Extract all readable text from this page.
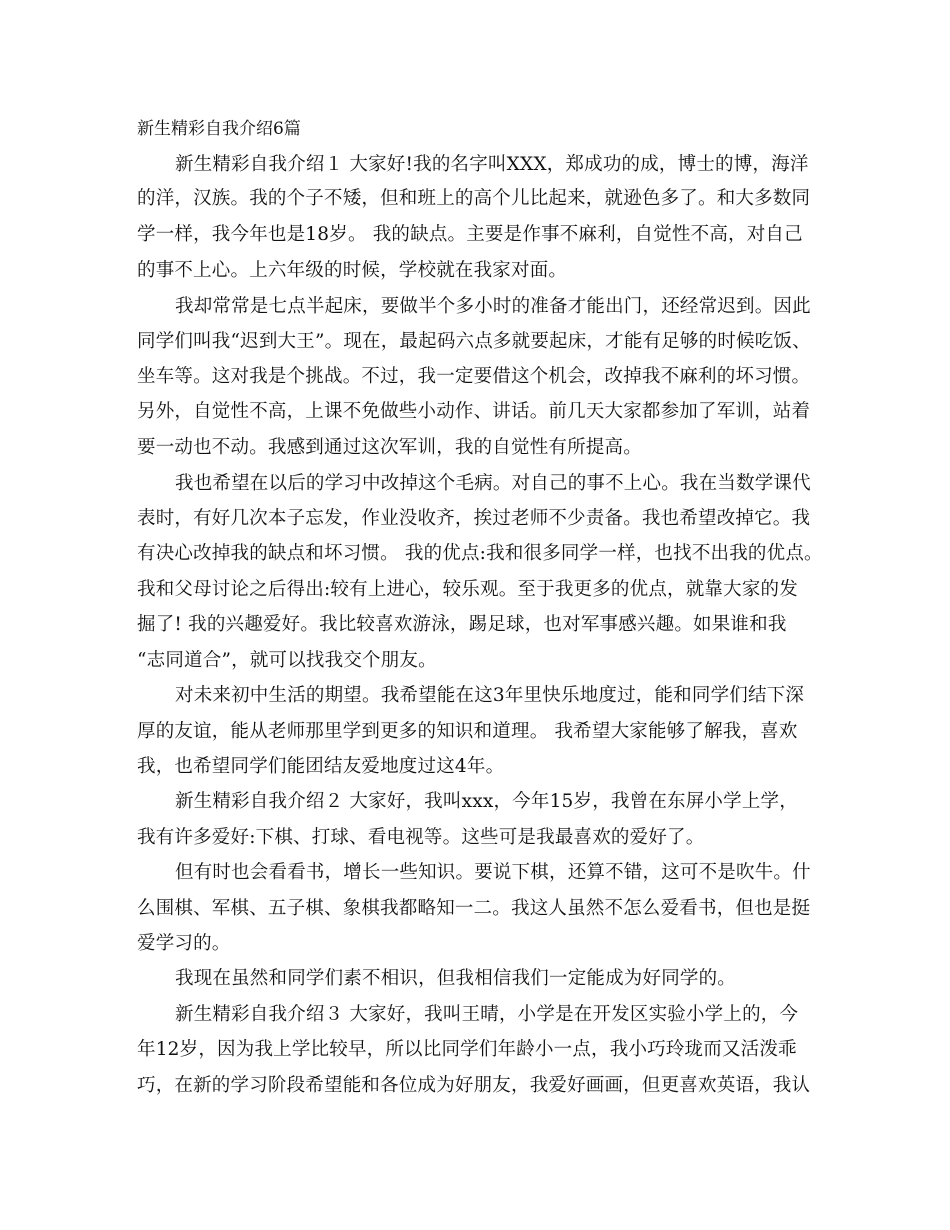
新生精彩自我介绍6篇
新生精彩自我介绍１ 大家好!我的名字叫XXX，郑成功的成，博士的博，海洋
的洋，汉族。我的个子不矮，但和班上的高个儿比起来，就逊色多了。和大多数同
学一样，我今年也是18岁。 我的缺点。主要是作事不麻利，自觉性不高，对自己
的事不上心。上六年级的时候，学校就在我家对面。
我却常常是七点半起床，要做半个多小时的准备才能出门，还经常迟到。因此
同学们叫我“迟到大王”。现在，最起码六点多就要起床，才能有足够的时候吃饭、
坐车等。这对我是个挑战。不过，我一定要借这个机会，改掉我不麻利的坏习惯。
另外，自觉性不高，上课不免做些小动作、讲话。前几天大家都参加了军训，站着
要一动也不动。我感到通过这次军训，我的自觉性有所提高。
我也希望在以后的学习中改掉这个毛病。对自己的事不上心。我在当数学课代
表时，有好几次本子忘发，作业没收齐，挨过老师不少责备。我也希望改掉它。我
有决心改掉我的缺点和坏习惯。 我的优点:我和很多同学一样，也找不出我的优点。
我和父母讨论之后得出:较有上进心，较乐观。至于我更多的优点，就靠大家的发
掘了! 我的兴趣爱好。我比较喜欢游泳，踢足球，也对军事感兴趣。如果谁和我
“志同道合”，就可以找我交个朋友。
对未来初中生活的期望。我希望能在这3年里快乐地度过，能和同学们结下深
厚的友谊，能从老师那里学到更多的知识和道理。 我希望大家能够了解我，喜欢
我，也希望同学们能团结友爱地度过这4年。
新生精彩自我介绍２ 大家好，我叫xxx，今年15岁，我曾在东屏小学上学，
我有许多爱好:下棋、打球、看电视等。这些可是我最喜欢的爱好了。
但有时也会看看书，增长一些知识。要说下棋，还算不错，这可不是吹牛。什
么围棋、军棋、五子棋、象棋我都略知一二。我这人虽然不怎么爱看书，但也是挺
爱学习的。
我现在虽然和同学们素不相识，但我相信我们一定能成为好同学的。
新生精彩自我介绍３ 大家好，我叫王晴，小学是在开发区实验小学上的，今
年12岁，因为我上学比较早，所以比同学们年龄小一点，我小巧玲珑而又活泼乖
巧，在新的学习阶段希望能和各位成为好朋友，我爱好画画，但更喜欢英语，我认
